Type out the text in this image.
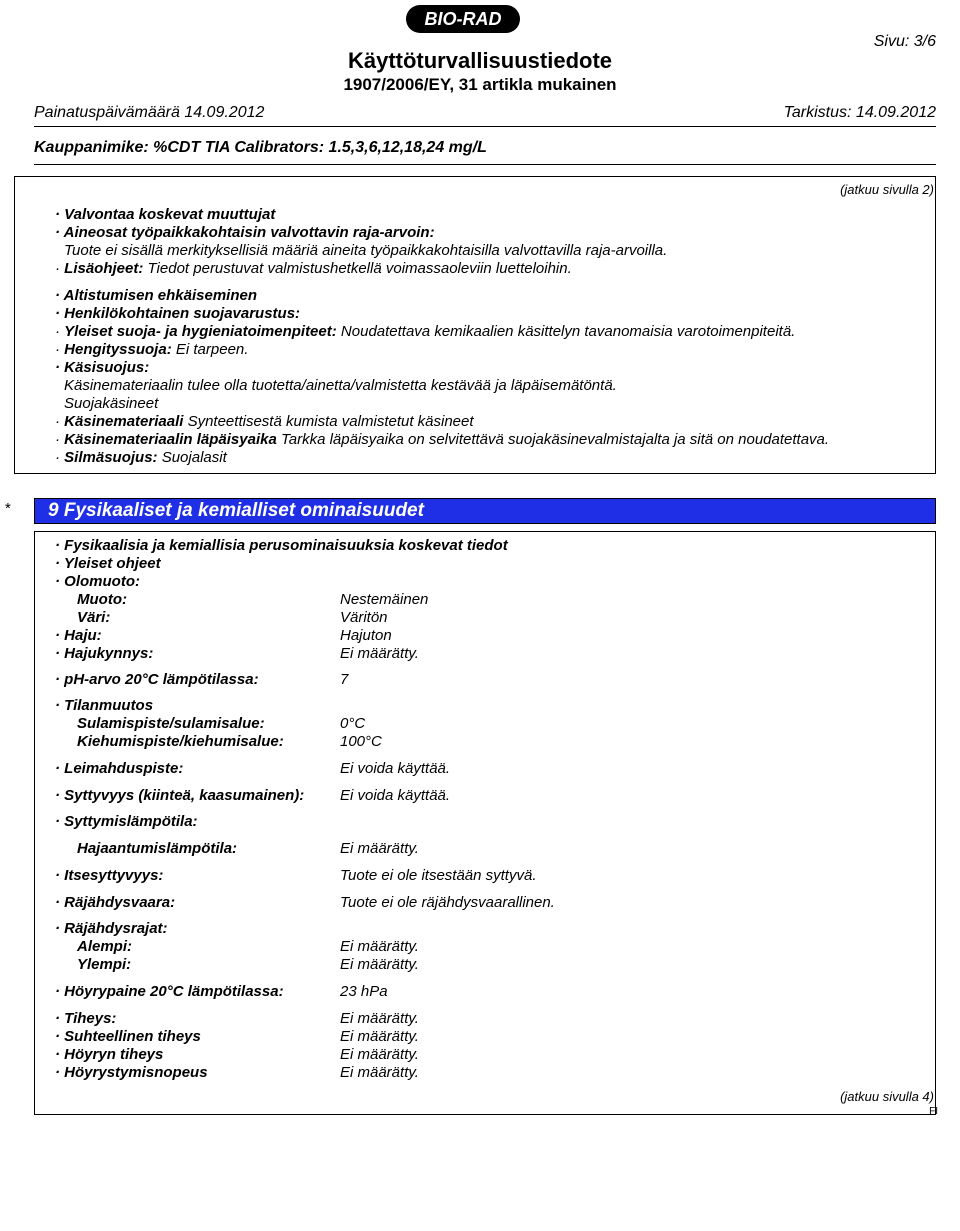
BIO-RAD
Käyttöturvallisuustiedote
1907/2006/EY, 31 artikla mukainen
Sivu: 3/6
Painatuspäivämäärä 14.09.2012	Tarkistus: 14.09.2012
Kauppanimike: %CDT TIA Calibrators: 1.5,3,6,12,18,24 mg/L
(jatkuu sivulla 2)
· Valvontaa koskevat muuttujat
· Aineosat työpaikkakohtaisin valvottavin raja-arvoin:
Tuote ei sisällä merkityksellisiä määriä aineita työpaikkakohtaisilla valvottavilla raja-arvoilla.
· Lisäohjeet: Tiedot perustuvat valmistushetkellä voimassaoleviin luetteloihin.
· Altistumisen ehkäiseminen
· Henkilökohtainen suojavarustus:
· Yleiset suoja- ja hygieniatoimenpiteet: Noudatettava kemikaalien käsittelyn tavanomaisia varotoimenpiteitä.
· Hengityssuoja: Ei tarpeen.
· Käsisuojus:
Käsinemateriaalin tulee olla tuotetta/ainetta/valmistetta kestävää ja läpäisemätöntä.
Suojakäsineet
· Käsinemateriaali Synteettisestä kumista valmistetut käsineet
· Käsinemateriaalin läpäisyaika Tarkka läpäisyaika on selvitettävä suojakäsinevalmistajalta ja sitä on noudatettava.
· Silmäsuojus: Suojalasit
* 9 Fysikaaliset ja kemialliset ominaisuudet
· Fysikaalisia ja kemiallisia perusominaisuuksia koskevat tiedot
· Yleiset ohjeet
· Olomuoto:
Muoto:	Nestemäinen
Väri:	Väritön
· Haju:	Hajuton
· Hajukynnys:	Ei määrätty.
· pH-arvo 20°C lämpötilassa:	7
· Tilanmuutos
Sulamispiste/sulamisalue:	0°C
Kiehumispiste/kiehumisalue:	100°C
· Leimahduspiste:	Ei voida käyttää.
· Syttyvyys (kiinteä, kaasumainen): Ei voida käyttää.
· Syttymislämpötila:
Hajaantumislämpötila:	Ei määrätty.
· Itsesyttyvyys:	Tuote ei ole itsestään syttyvä.
· Räjähdysvaara:	Tuote ei ole räjähdysvaarallinen.
· Räjähdysrajat:
Alempi:	Ei määrätty.
Ylempi:	Ei määrätty.
· Höyrypaine 20°C lämpötilassa:	23 hPa
· Tiheys:	Ei määrätty.
· Suhteellinen tiheys	Ei määrätty.
· Höyryn tiheys	Ei määrätty.
· Höyrystymisnopeus	Ei määrätty.
(jatkuu sivulla 4)
FI
